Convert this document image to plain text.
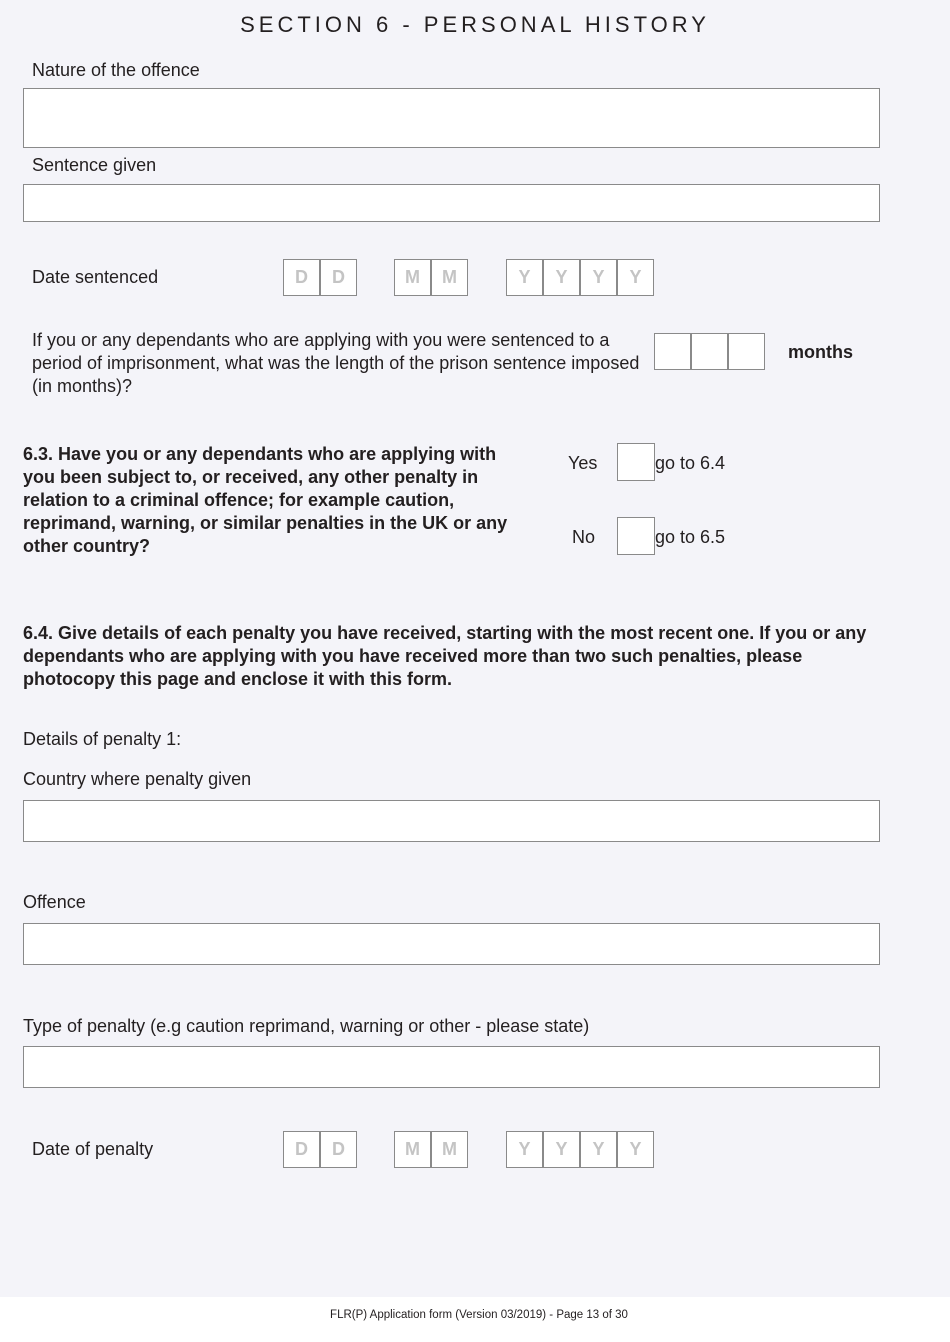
SECTION 6 - PERSONAL HISTORY
Nature of the offence
Sentence given
Date sentenced	D	D	M	M	Y	Y	Y	Y
If you or any dependants who are applying with you were sentenced to a period of imprisonment, what was the length of the prison sentence imposed (in months)?
months
6.3. Have you or any dependants who are applying with you been subject to, or received, any other penalty in relation to a criminal offence; for example caution, reprimand, warning, or similar penalties in the UK or any other country?
Yes	go to 6.4
No	go to 6.5
6.4. Give details of each penalty you have received, starting with the most recent one. If you or any dependants who are applying with you have received more than two such penalties, please photocopy this page and enclose it with this form.
Details of penalty 1:
Country where penalty given
Offence
Type of penalty (e.g caution reprimand, warning or other - please state)
Date of penalty	D	D	M	M	Y	Y	Y	Y
FLR(P) Application form (Version 03/2019) - Page 13 of 30
